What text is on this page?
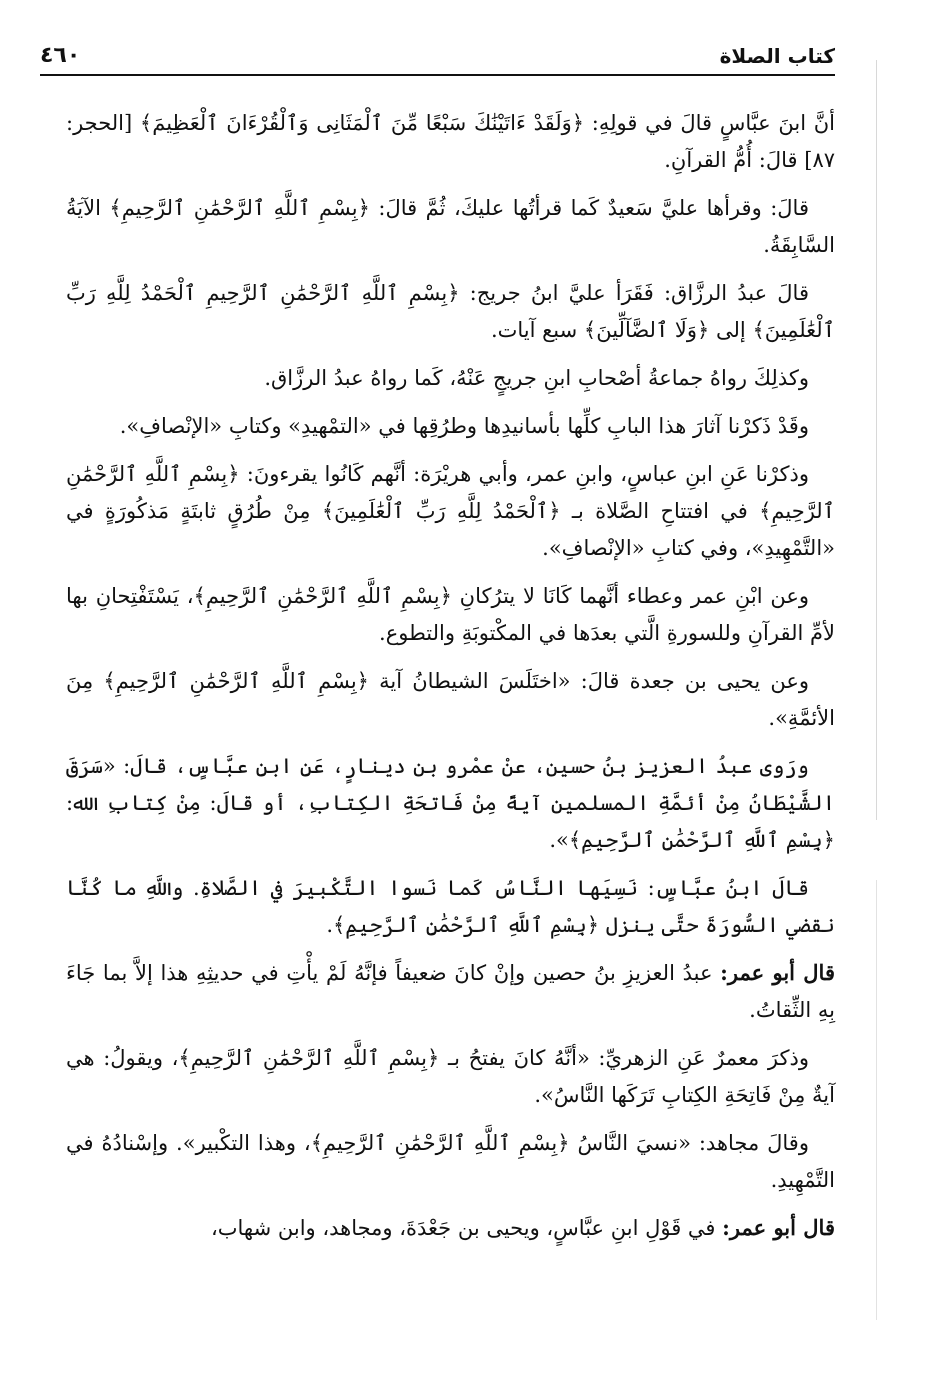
كتاب الصلاة
٤٦٠

أنَّ ابنَ عبَّاسٍ قالَ في قولِهِ: ﴿وَلَقَدْ ءَاتَيْنَٰكَ سَبْعًا مِّنَ ٱلْمَثَانِى وَٱلْقُرْءَانَ ٱلْعَظِيمَ﴾ [الحجر: ٨٧] قالَ: أُمُّ القرآنِ.

قالَ: وقرأها عليَّ سَعيدٌ كَما قرأتُها عليكَ، ثُمَّ قالَ: ﴿بِسْمِ ٱللَّهِ ٱلرَّحْمَٰنِ ٱلرَّحِيمِ﴾ الآيَةُ السَّابِقَةُ.

قالَ عبدُ الرزَّاق: فَقَرَأ عليَّ ابنُ جريج: ﴿بِسْمِ ٱللَّهِ ٱلرَّحْمَٰنِ ٱلرَّحِيمِ ٱلْحَمْدُ لِلَّهِ رَبِّ ٱلْعَٰلَمِينَ﴾ إلى ﴿وَلَا ٱلضَّآلِّينَ﴾ سبع آيات.

وكذلِكَ رواهُ جماعةُ أصْحابِ ابنِ جريجٍ عَنْهُ، كَما رواهُ عبدُ الرزَّاق.

وقَدْ ذَكرْنا آثارَ هذا البابِ كلِّها بأسانيدِها وطرُقِها في «التمْهيدِ» وكتابِ «الإنْصافِ».

وذكرْنا عَنِ ابنِ عباسٍ، وابنِ عمر، وأبي هريْرَة: أنَّهم كَانُوا يقرءونَ: ﴿بِسْمِ ٱللَّهِ ٱلرَّحْمَٰنِ ٱلرَّحِيمِ﴾ في افتتاحِ الصَّلاة بـ ﴿ٱلْحَمْدُ لِلَّهِ رَبِّ ٱلْعَٰلَمِينَ﴾ مِنْ طُرُقٍ ثابتَةٍ مَذكُورَةٍ في «التَّمْهِيدِ»، وفي كتابِ «الإنْصافِ».

وعن ابْنِ عمر وعطاء أنَّهما كَانَا لا يترُكانِ ﴿بِسْمِ ٱللَّهِ ٱلرَّحْمَٰنِ ٱلرَّحِيمِ﴾، يَسْتَفْتِحانِ بها لأمِّ القرآنِ وللسورةِ الَّتي بعدَها في المكْتوبَةِ والتطوع.

وعن يحيى بن جعدة قالَ: «اختَلَسَ الشيطانُ آية ﴿بِسْمِ ٱللَّهِ ٱلرَّحْمَٰنِ ٱلرَّحِيمِ﴾ مِنَ الأئمَّةِ».

ورَوى عبدُ العزيز بنُ حسين، عنْ عمْرو بن دينارٍ، عَنِ ابنِ عبَّاسٍ، قالَ: «سَرَقَ الشَّيْطَانُ مِنْ أئمَّةِ المسلمين آيةً مِنْ فَاتحَةِ الكِتابِ، أو قالَ: مِنْ كِتابِ الله: ﴿بِسْمِ ٱللَّهِ ٱلرَّحْمَٰنِ ٱلرَّحِيمِ﴾».

قالَ ابنُ عبَّاسٍ: نَسِيَها النَّاسُ كَما نَسوا التَّكْبيرَ في الصَّلاةِ. واللَّهِ ما كُنَّا نقضي السُّورَةَ حتَّى ينزل ﴿بِسْمِ ٱللَّهِ ٱلرَّحْمَٰنِ ٱلرَّحِيمِ﴾.

قال أبو عمر: عبدُ العزيزِ بنُ حصين وإنْ كانَ ضعيفاً فإنَّهُ لَمْ يأْتِ في حديثِهِ هذا إلاَّ بما جَاءَ بِهِ الثِّقاتُ.

وذكرَ معمرٌ عَنِ الزهريِّ: «أنَّهُ كانَ يفتحُ بـ ﴿بِسْمِ ٱللَّهِ ٱلرَّحْمَٰنِ ٱلرَّحِيمِ﴾، ويقولُ: هي آيةٌ مِنْ فَاتِحَةِ الكِتابِ تَرَكَها النَّاسُ».

وقالَ مجاهد: «نسيَ النَّاسُ ﴿بِسْمِ ٱللَّهِ ٱلرَّحْمَٰنِ ٱلرَّحِيمِ﴾، وهذا التكْبير». وإسْنادُهُ في التَّمْهِيدِ.

قال أبو عمر: في قَوْلِ ابنِ عبَّاسٍ، ويحيى بن جَعْدَةَ، ومجاهد، وابن شهاب،
